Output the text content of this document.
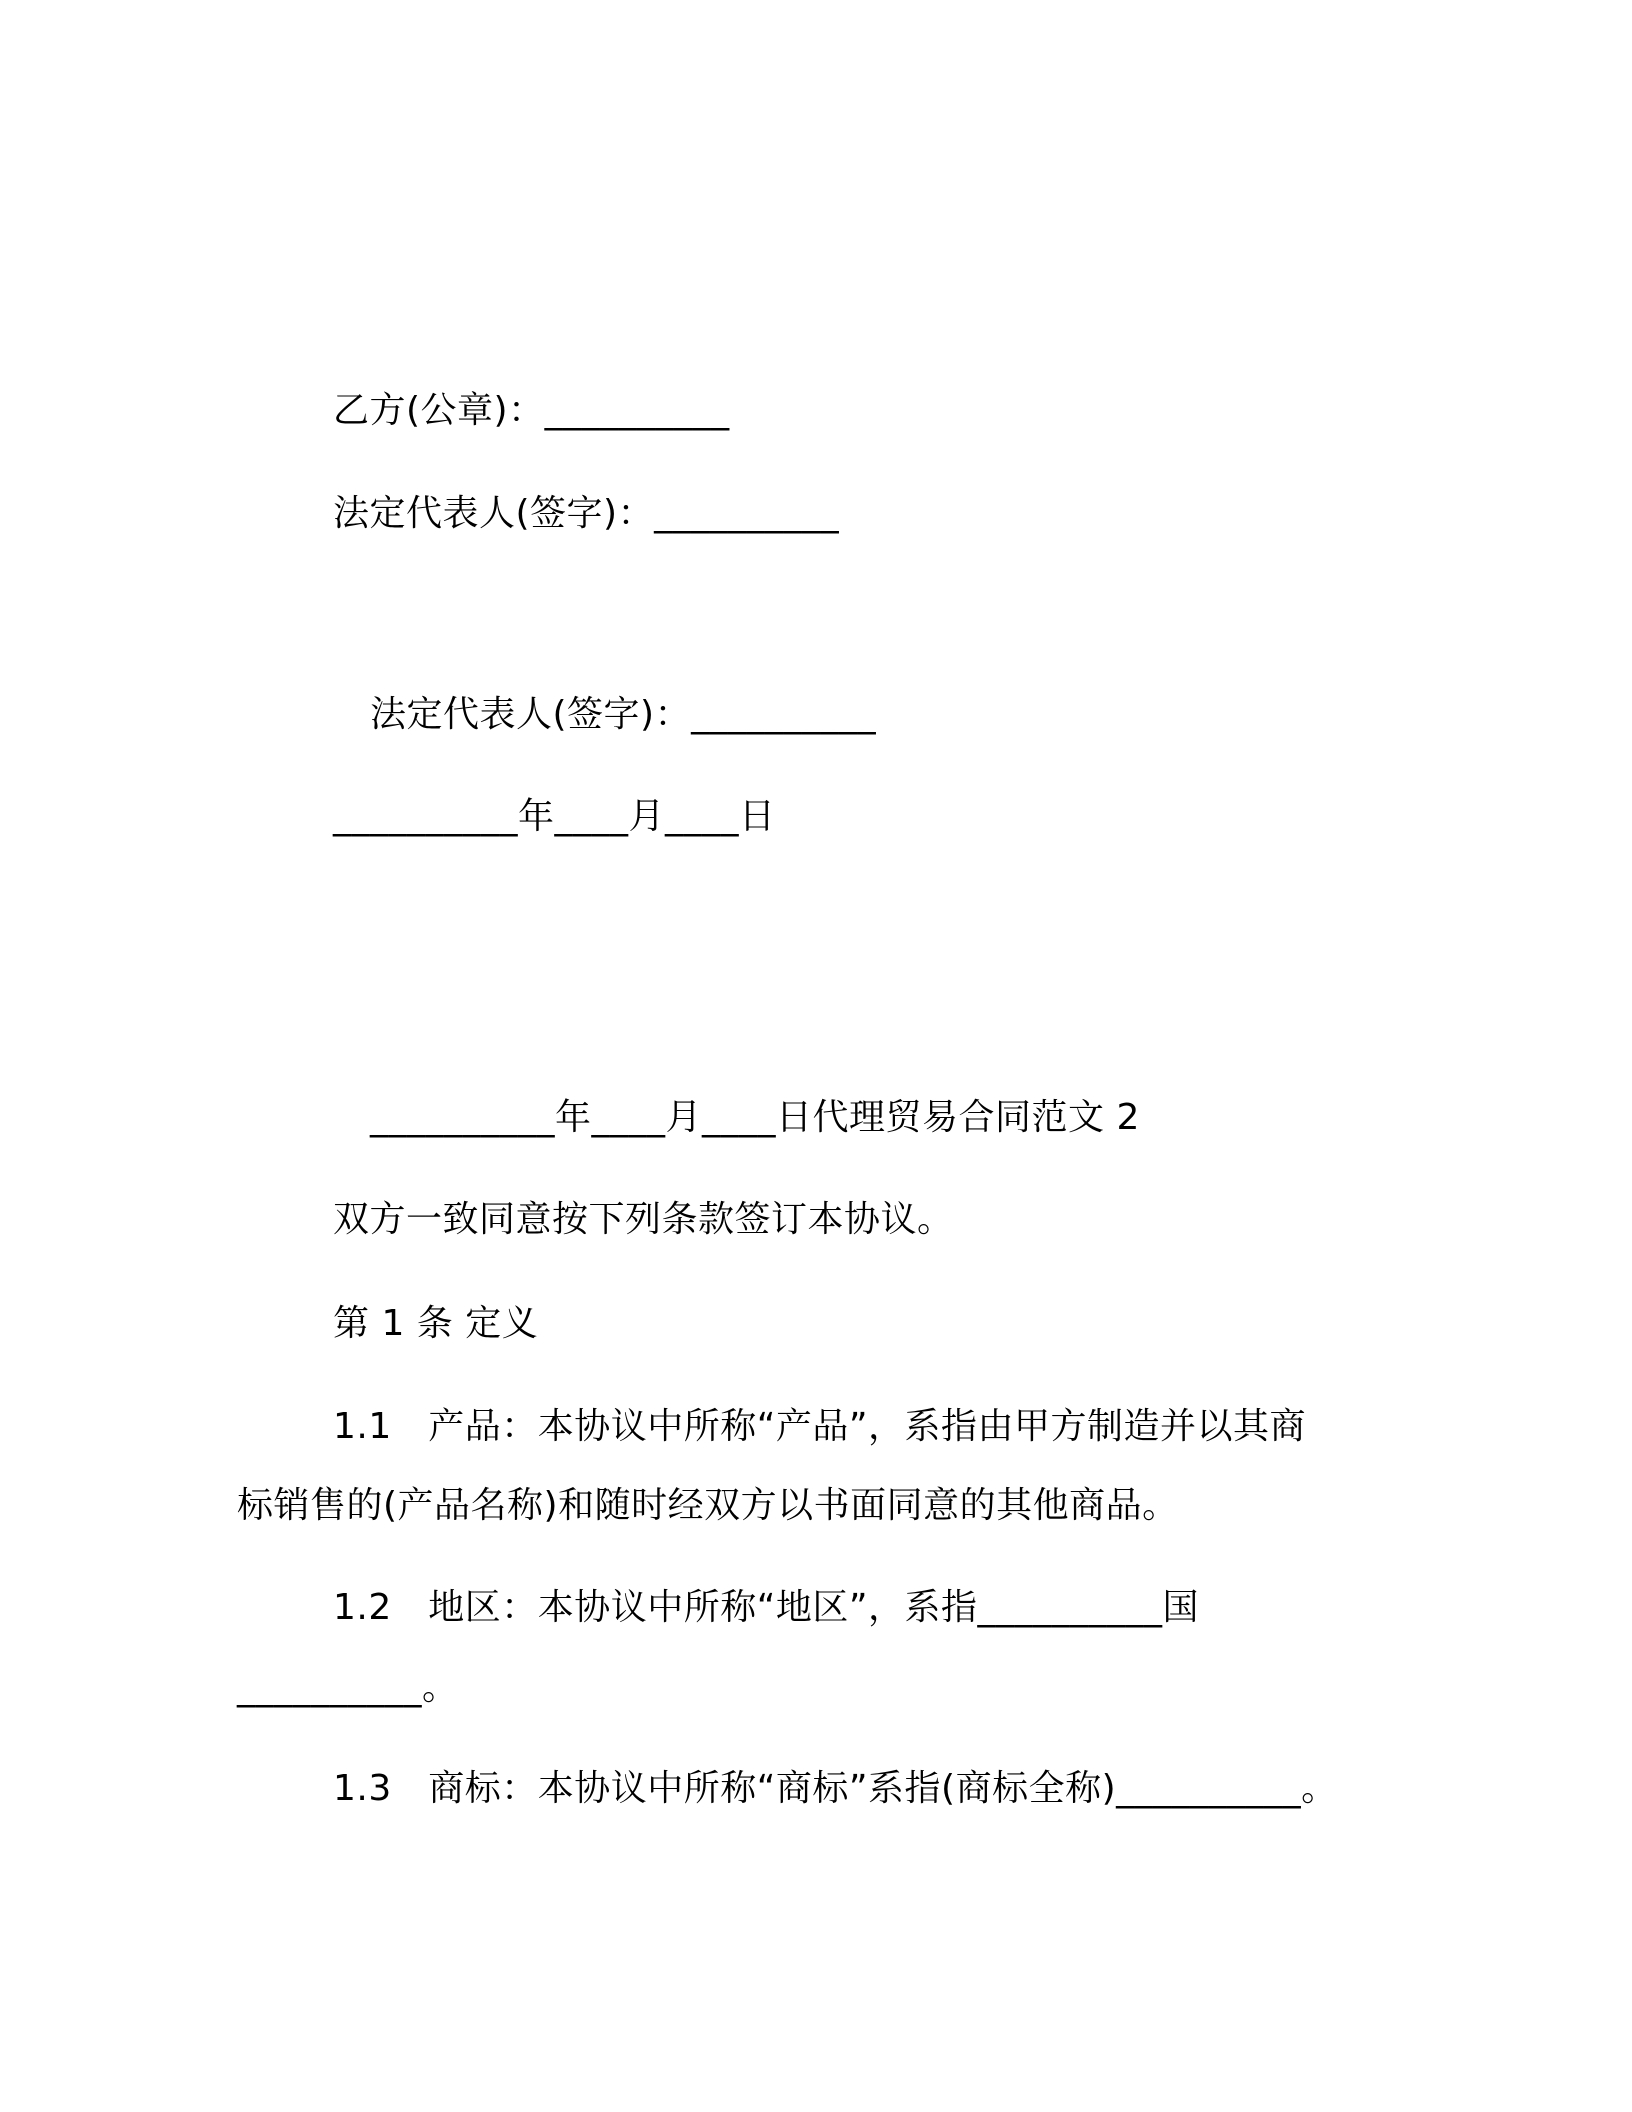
乙方(公章)：__________
法定代表人(签字)：__________
法定代表人(签字)：__________
__________年____月____日
__________年____月____日代理贸易合同范文 2
双方一致同意按下列条款签订本协议。
第 1 条 定义
1.1　产品：本协议中所称“产品”，系指由甲方制造并以其商
标销售的(产品名称)和随时经双方以书面同意的其他商品。
1.2　地区：本协议中所称“地区”，系指__________国
__________。
1.3　商标：本协议中所称“商标”系指(商标全称)__________。
